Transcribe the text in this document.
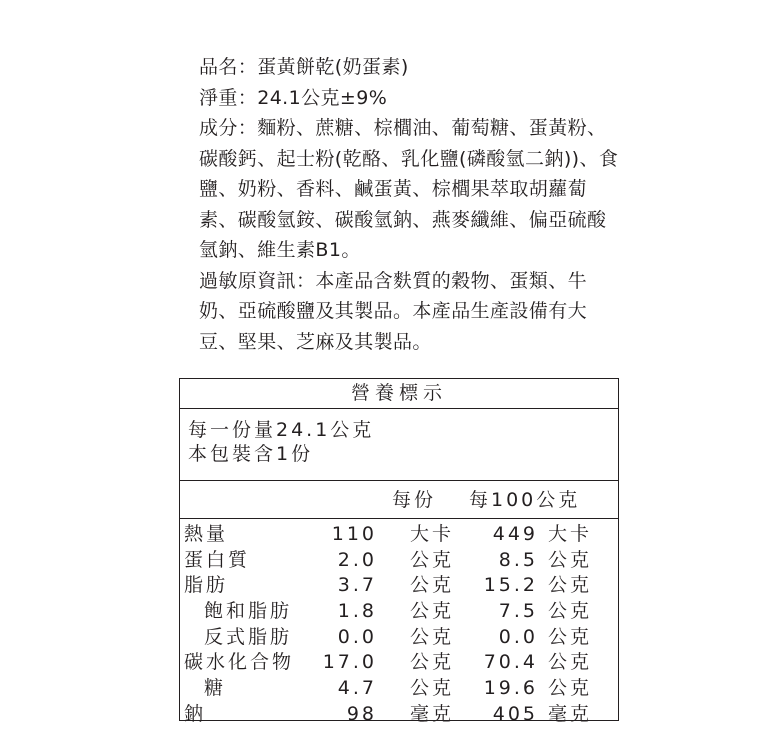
品名：蛋黃餅乾(奶蛋素)

淨重：24.1公克±9%

成分：麵粉、蔗糖、棕櫚油、葡萄糖、蛋黃粉、碳酸鈣、起士粉(乾酪、乳化鹽(磷酸氫二鈉))、食鹽、奶粉、香料、鹹蛋黃、棕櫚果萃取胡蘿蔔素、碳酸氫銨、碳酸氫鈉、燕麥纖維、偏亞硫酸氫鈉、維生素B1。

過敏原資訊：本產品含麩質的穀物、蛋類、牛奶、亞硫酸鹽及其製品。本產品生產設備有大豆、堅果、芝麻及其製品。

營養標示
每一份量24.1公克
本包裝含1份
每份 每100公克
熱量	110 大卡 449 大卡
蛋白質	2.0 公克 8.5 公克
脂肪	3.7 公克 15.2 公克
飽和脂肪 1.8 公克 7.5 公克
反式脂肪 0.0 公克 0.0 公克
碳水化合物 17.0 公克 70.4 公克
糖	4.7 公克 19.6 公克
鈉	98 毫克 405 毫克
